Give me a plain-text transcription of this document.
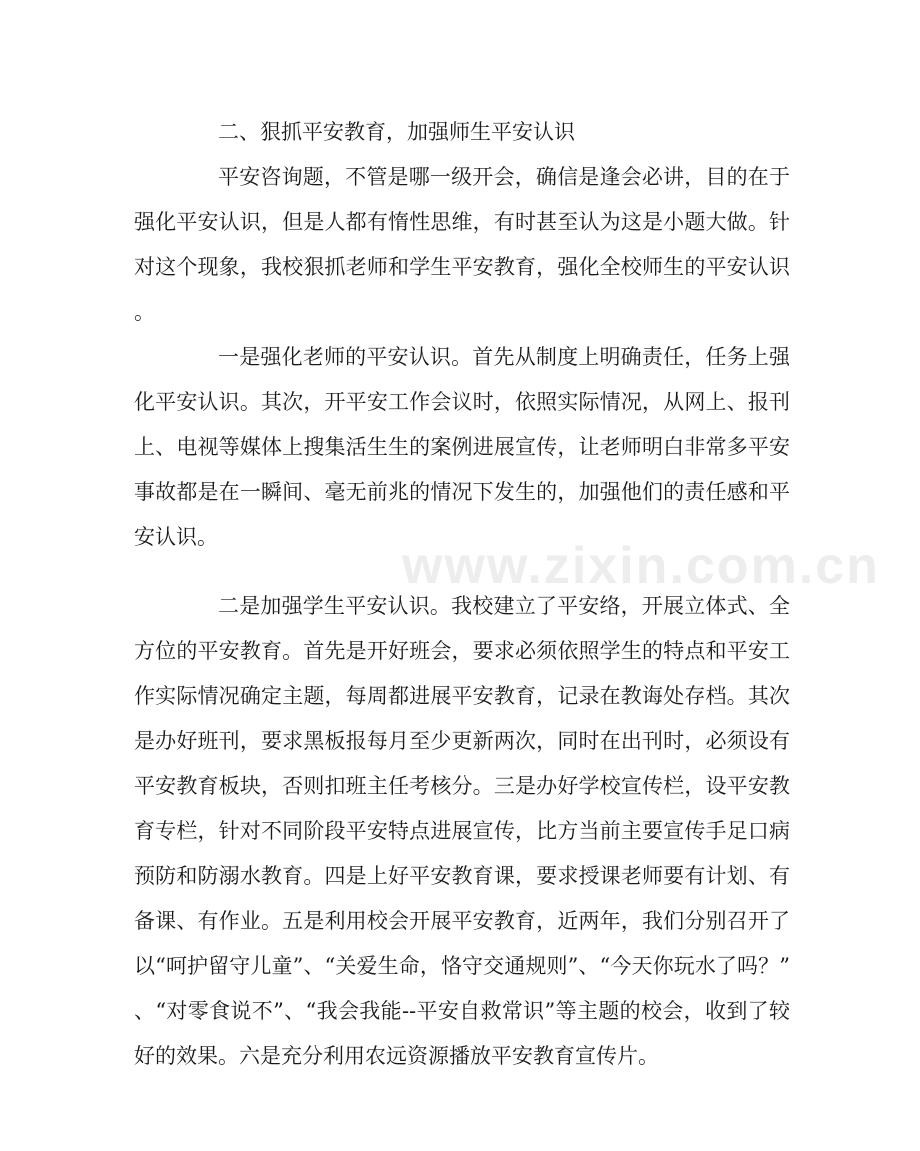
二、狠抓平安教育，加强师生平安认识

平安咨询题，不管是哪一级开会，确信是逢会必讲，目的在于强化平安认识，但是人都有惰性思维，有时甚至认为这是小题大做。针对这个现象，我校狠抓老师和学生平安教育，强化全校师生的平安认识。

一是强化老师的平安认识。首先从制度上明确责任，任务上强化平安认识。其次，开平安工作会议时，依照实际情况，从网上、报刊上、电视等媒体上搜集活生生的案例进展宣传，让老师明白非常多平安事故都是在一瞬间、毫无前兆的情况下发生的，加强他们的责任感和平安认识。

二是加强学生平安认识。我校建立了平安络，开展立体式、全方位的平安教育。首先是开好班会，要求必须依照学生的特点和平安工作实际情况确定主题，每周都进展平安教育，记录在教诲处存档。其次是办好班刊，要求黑板报每月至少更新两次，同时在出刊时，必须设有平安教育板块，否则扣班主任考核分。三是办好学校宣传栏，设平安教育专栏，针对不同阶段平安特点进展宣传，比方当前主要宣传手足口病预防和防溺水教育。四是上好平安教育课，要求授课老师要有计划、有备课、有作业。五是利用校会开展平安教育，近两年，我们分别召开了以“呵护留守儿童”、“关爱生命，恪守交通规则”、“今天你玩水了吗？”、“对零食说不”、“我会我能--平安自救常识”等主题的校会，收到了较好的效果。六是充分利用农远资源播放平安教育宣传片。

www.zixin.com.cn
